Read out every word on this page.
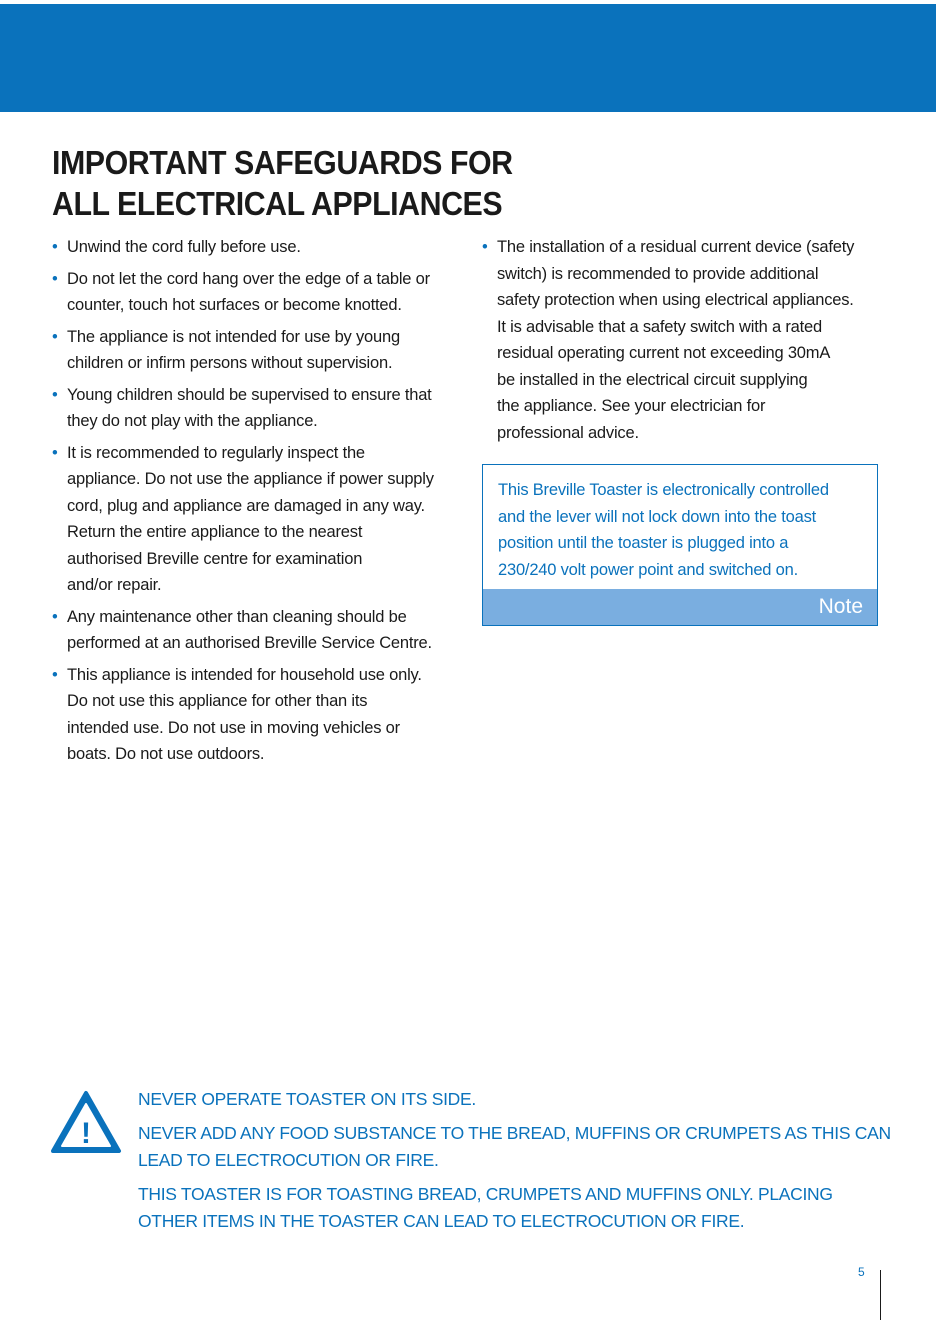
IMPORTANT SAFEGUARDS FOR
ALL ELECTRICAL APPLIANCES
• Unwind the cord fully before use.
• Do not let the cord hang over the edge of a table or
counter, touch hot surfaces or become knotted.
• The appliance is not intended for use by young
children or infirm persons without supervision.
• Young children should be supervised to ensure that
they do not play with the appliance.
• It is recommended to regularly inspect the
appliance. Do not use the appliance if power supply
cord, plug and appliance are damaged in any way.
Return the entire appliance to the nearest
authorised Breville centre for examination
and/or repair.
• Any maintenance other than cleaning should be
performed at an authorised Breville Service Centre.
• This appliance is intended for household use only.
Do not use this appliance for other than its
intended use. Do not use in moving vehicles or
boats. Do not use outdoors.
• The installation of a residual current device (safety
switch) is recommended to provide additional
safety protection when using electrical appliances.
It is advisable that a safety switch with a rated
residual operating current not exceeding 30mA
be installed in the electrical circuit supplying
the appliance. See your electrician for
professional advice.
This Breville Toaster is electronically controlled
and the lever will not lock down into the toast
position until the toaster is plugged into a
230/240 volt power point and switched on.
Note
!

NEVER OPERATE TOASTER ON ITS SIDE.

NEVER ADD ANY FOOD SUBSTANCE TO THE BREAD, MUFFINS OR CRUMPETS AS THIS CAN
LEAD TO ELECTROCUTION OR FIRE.

THIS TOASTER IS FOR TOASTING BREAD, CRUMPETS AND MUFFINS ONLY. PLACING
OTHER ITEMS IN THE TOASTER CAN LEAD TO ELECTROCUTION OR FIRE.

5
